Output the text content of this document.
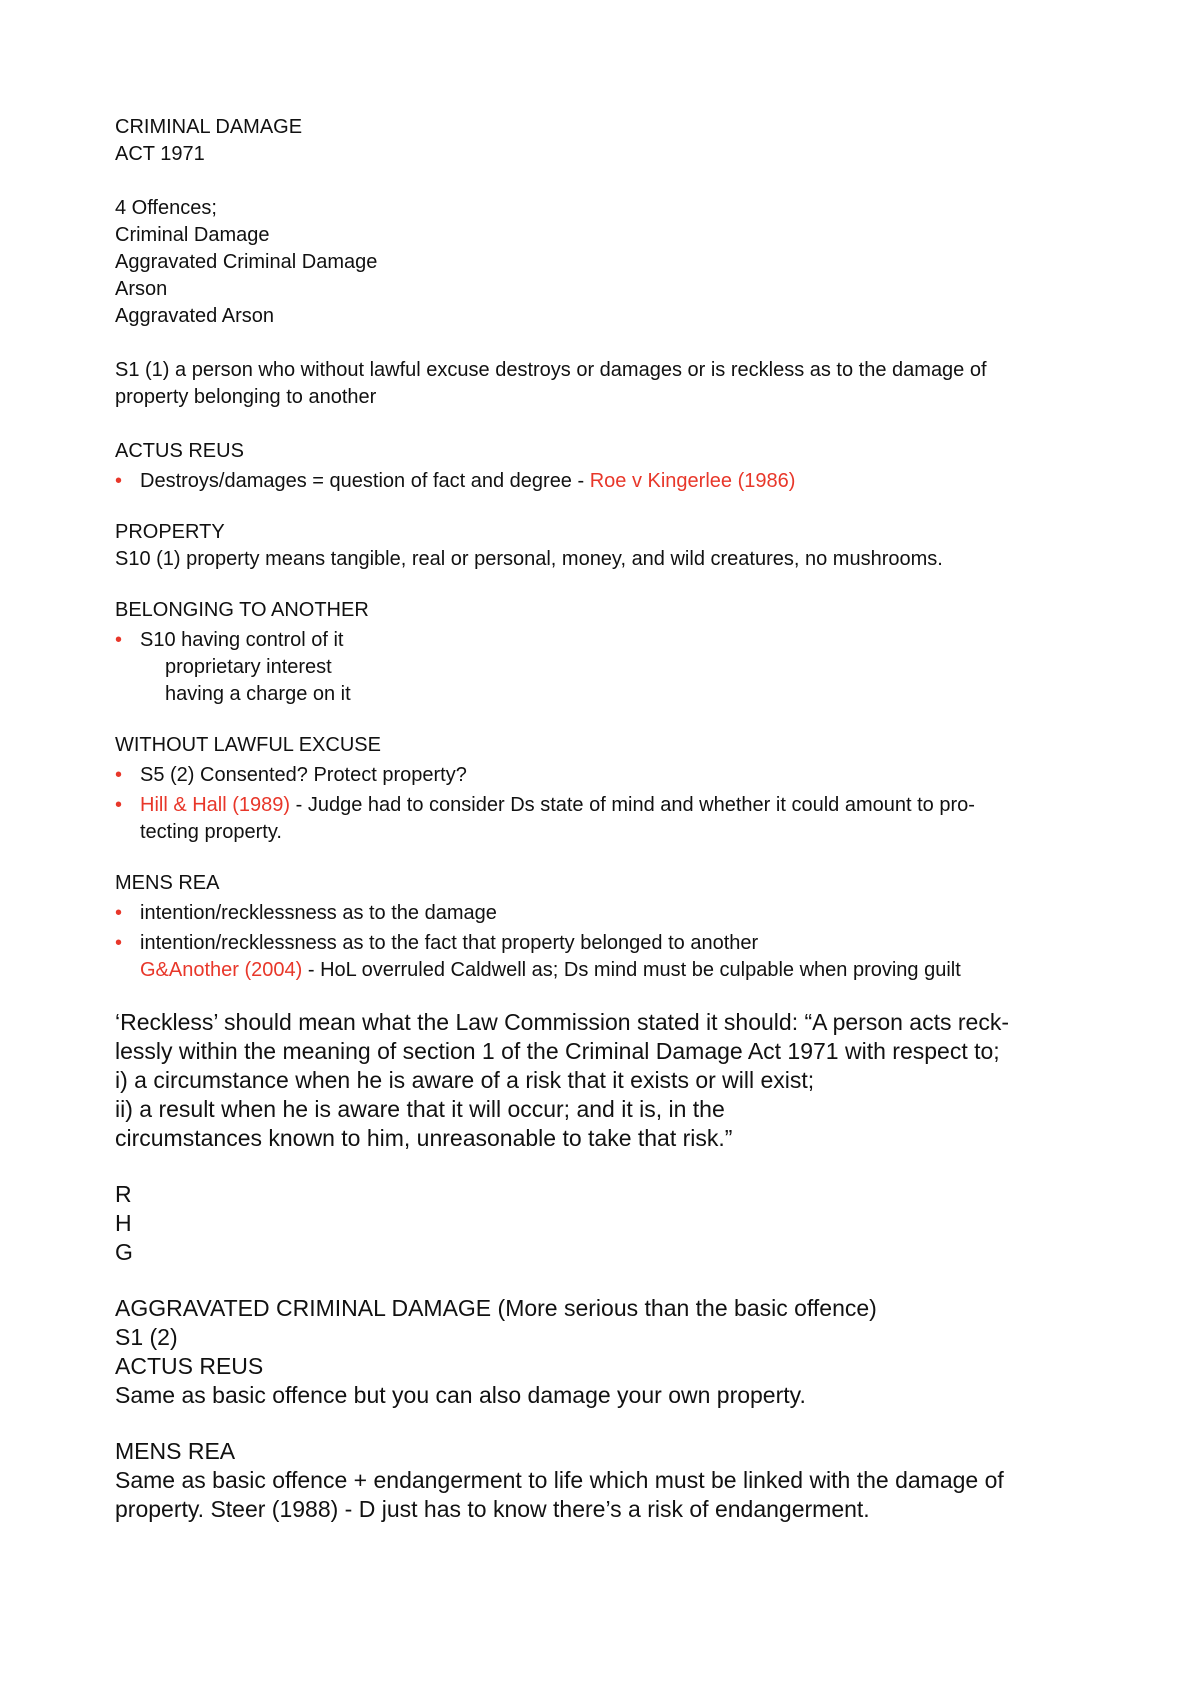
CRIMINAL DAMAGE

ACT 1971

4 Offences;

Criminal Damage

Aggravated Criminal Damage

Arson

Aggravated Arson

S1 (1) a person who without lawful excuse destroys or damages or is reckless as to the damage of

property belonging to another

ACTUS REUS

• Destroys/damages = question of fact and degree - Roe v Kingerlee (1986)

PROPERTY

S10 (1) property means tangible, real or personal, money, and wild creatures, no mushrooms.

BELONGING TO ANOTHER

• S10 having control of it

proprietary interest

having a charge on it

WITHOUT LAWFUL EXCUSE

• S5 (2) Consented? Protect property?
• Hill & Hall (1989) - Judge had to consider Ds state of mind and whether it could amount to pro-
tecting property.

MENS REA

• intention/recklessness as to the damage
• intention/recklessness as to the fact that property belonged to another
G&Another (2004) - HoL overruled Caldwell as; Ds mind must be culpable when proving guilt

‘Reckless’ should mean what the Law Commission stated it should: “A person acts reck-

lessly within the meaning of section 1 of the Criminal Damage Act 1971 with respect to;

i) a circumstance when he is aware of a risk that it exists or will exist;

ii) a result when he is aware that it will occur; and it is, in the

circumstances known to him, unreasonable to take that risk.”

R

H

G

AGGRAVATED CRIMINAL DAMAGE (More serious than the basic offence)

S1 (2)

ACTUS REUS

Same as basic offence but you can also damage your own property.

MENS REA

Same as basic offence + endangerment to life which must be linked with the damage of

property. Steer (1988) - D just has to know there’s a risk of endangerment.
